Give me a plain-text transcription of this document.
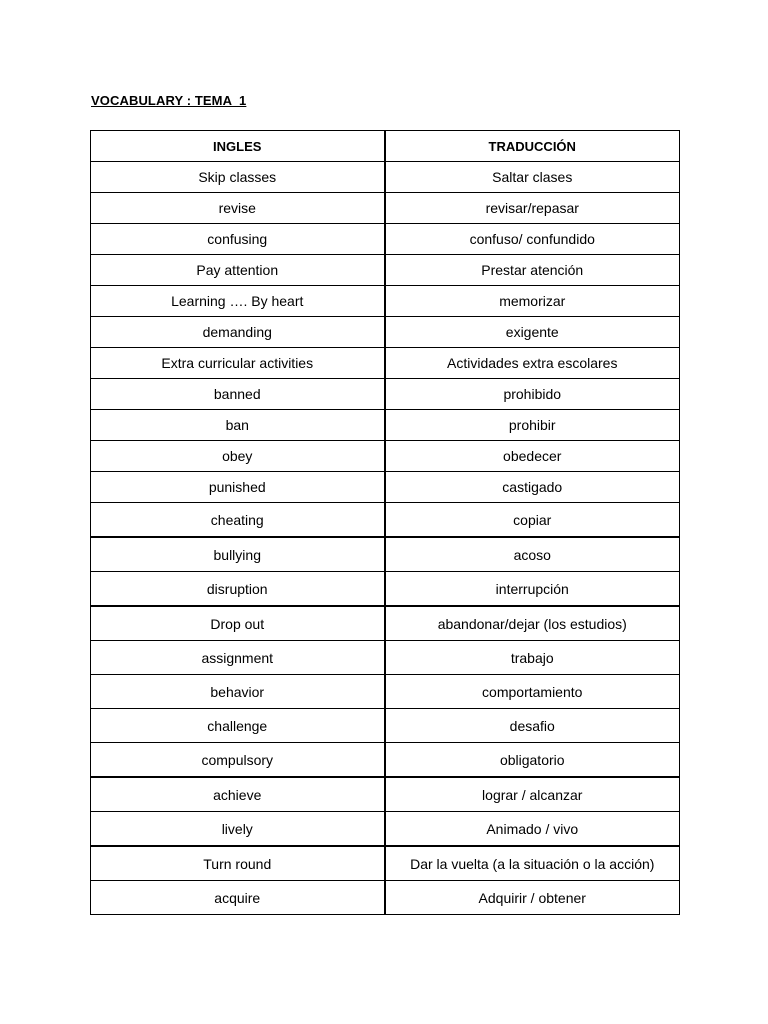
VOCABULARY : TEMA  1
INGLES	TRADUCCIÓN
Skip classes	Saltar clases
revise	revisar/repasar
confusing	confuso/ confundido
Pay attention	Prestar atención
Learning …. By heart	memorizar
demanding	exigente
Extra curricular activities	Actividades extra escolares
banned	prohibido
ban	prohibir
obey	obedecer
punished	castigado
cheating	copiar
bullying	acoso
disruption	interrupción
Drop out	abandonar/dejar (los estudios)
assignment	trabajo
behavior	comportamiento
challenge	desafio
compulsory	obligatorio
achieve	lograr / alcanzar
lively	Animado / vivo
Turn round	Dar la vuelta (a la situación o la acción)
acquire	Adquirir / obtener
